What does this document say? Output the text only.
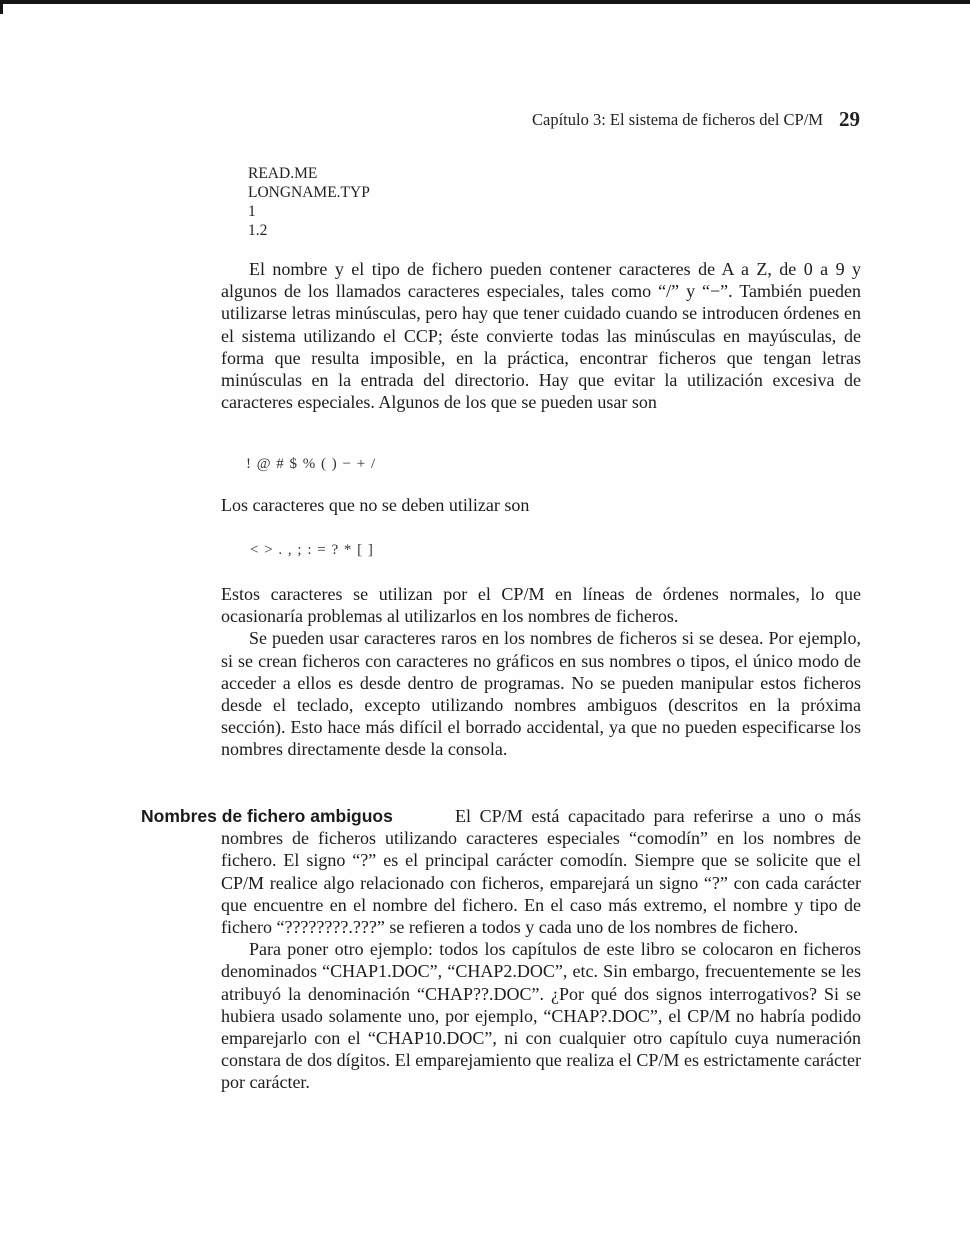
Capítulo 3: El sistema de ficheros del CP/M 29
READ.ME
LONGNAME.TYP
1
1.2

El nombre y el tipo de fichero pueden contener caracteres de A a Z, de 0 a 9 y algunos de los llamados caracteres especiales, tales como “/” y “−”. También pueden utilizarse letras minúsculas, pero hay que tener cuidado cuando se introducen órdenes en el sistema utilizando el CCP; éste convierte todas las minúsculas en mayúsculas, de forma que resulta imposible, en la práctica, encontrar ficheros que tengan letras minúsculas en la entrada del directorio. Hay que evitar la utilización excesiva de caracteres especiales. Algunos de los que se pueden usar son

! @ # $ % ( ) − + /

Los caracteres que no se deben utilizar son

< > . , ; : = ? * [ ]

Estos caracteres se utilizan por el CP/M en líneas de órdenes normales, lo que ocasionaría problemas al utilizarlos en los nombres de ficheros.

Se pueden usar caracteres raros en los nombres de ficheros si se desea. Por ejemplo, si se crean ficheros con caracteres no gráficos en sus nombres o tipos, el único modo de acceder a ellos es desde dentro de programas. No se pueden manipular estos ficheros desde el teclado, excepto utilizando nombres ambiguos (descritos en la próxima sección). Esto hace más difícil el borrado accidental, ya que no pueden especificarse los nombres directamente desde la consola.

Nombres de fichero ambiguos	El CP/M está capacitado para referirse a uno o más nombres de ficheros utilizando caracteres especiales “comodín” en los nombres de fichero. El signo “?” es el principal carácter comodín. Siempre que se solicite que el CP/M realice algo relacionado con ficheros, emparejará un signo “?” con cada carácter que encuentre en el nombre del fichero. En el caso más extremo, el nombre y tipo de fichero “????????.???” se refieren a todos y cada uno de los nombres de fichero.

Para poner otro ejemplo: todos los capítulos de este libro se colocaron en ficheros denominados “CHAP1.DOC”, “CHAP2.DOC”, etc. Sin embargo, frecuentemente se les atribuyó la denominación “CHAP??.DOC”. ¿Por qué dos signos interrogativos? Si se hubiera usado solamente uno, por ejemplo, “CHAP?.DOC”, el CP/M no habría podido emparejarlo con el “CHAP10.DOC”, ni con cualquier otro capítulo cuya numeración constara de dos dígitos. El emparejamiento que realiza el CP/M es estrictamente carácter por carácter.
